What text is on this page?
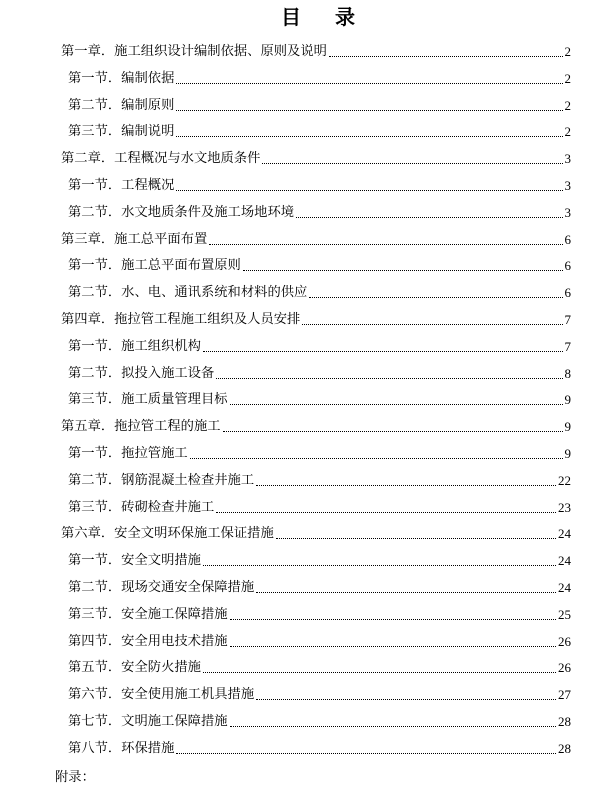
目 录
第一章．施工组织设计编制依据、原则及说明	2
第一节．编制依据	2
第二节．编制原则	2
第三节．编制说明	2
第二章．工程概况与水文地质条件	3
第一节．工程概况	3
第二节．水文地质条件及施工场地环境	3
第三章．施工总平面布置	6
第一节．施工总平面布置原则	6
第二节．水、电、通讯系统和材料的供应	6
第四章．拖拉管工程施工组织及人员安排	7
第一节．施工组织机构	7
第二节．拟投入施工设备	8
第三节．施工质量管理目标	9
第五章．拖拉管工程的施工	9
第一节．拖拉管施工	9
第二节．钢筋混凝土检查井施工	22
第三节．砖砌检查井施工	23
第六章．安全文明环保施工保证措施	24
第一节．安全文明措施	24
第二节．现场交通安全保障措施	24
第三节．安全施工保障措施	25
第四节．安全用电技术措施	26
第五节．安全防火措施	26
第六节．安全使用施工机具措施	27
第七节．文明施工保障措施	28
第八节．环保措施	28
附录：
